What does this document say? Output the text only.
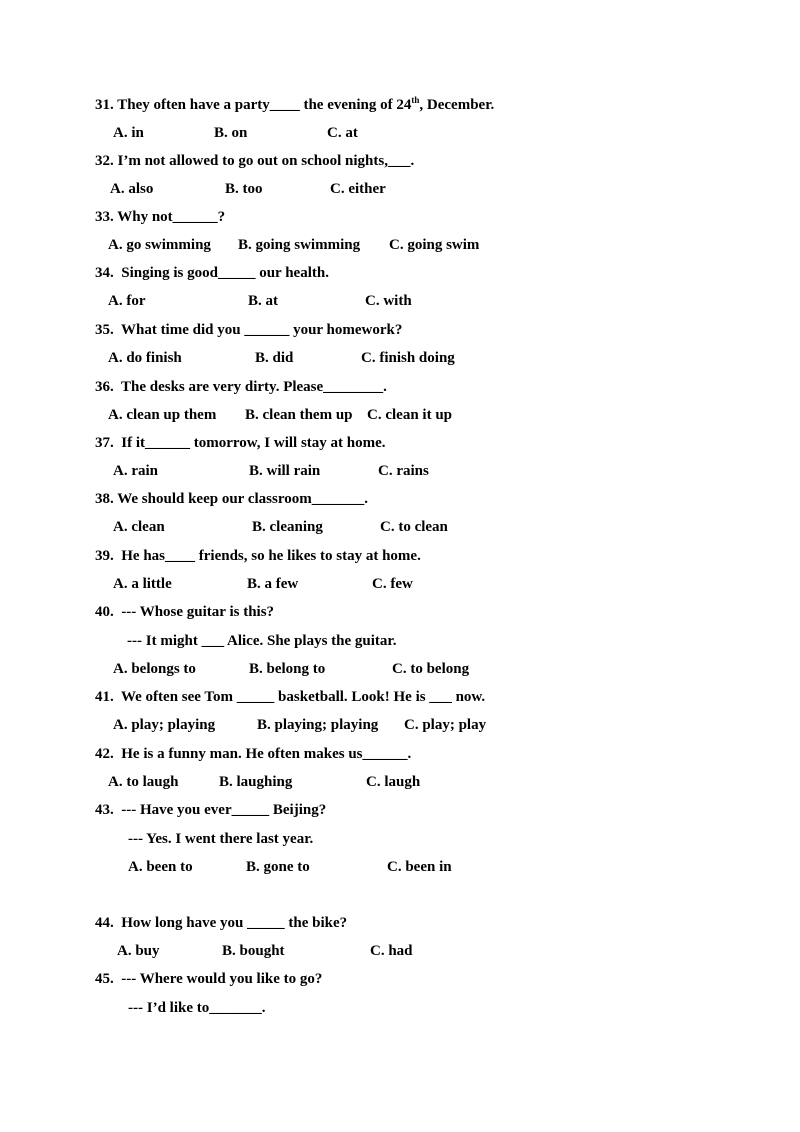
31. They often have a party____ the evening of 24th, December.
A. in	B. on	C. at
32. I’m not allowed to go out on school nights,___.
A. also	B. too	C. either
33. Why not______?
A. go swimming B. going swimming C. going swim
34.  Singing is good_____ our health.
A. for	B. at	C. with
35.  What time did you ______ your homework?
A. do finish	B. did	C. finish doing
36.  The desks are very dirty. Please________.
A. clean up them B. clean them up C. clean it up
37.  If it______ tomorrow, I will stay at home.
A. rain	B. will rain	C. rains
38. We should keep our classroom_______.
A. clean	B. cleaning	C. to clean
39.  He has____ friends, so he likes to stay at home.
A. a little	B. a few	C. few
40.  --- Whose guitar is this?
--- It might ___ Alice. She plays the guitar.
A. belongs to	B. belong to	C. to belong
41.  We often see Tom _____ basketball. Look! He is ___ now.
A. play; playing	B. playing; playing C. play; play
42.  He is a funny man. He often makes us______.
A. to laugh	B. laughing	C. laugh
43.  --- Have you ever_____ Beijing?
--- Yes. I went there last year.
A. been to	B. gone to	C. been in
44.  How long have you _____ the bike?
A. buy	B. bought	C. had
45.  --- Where would you like to go?
--- I’d like to_______.
